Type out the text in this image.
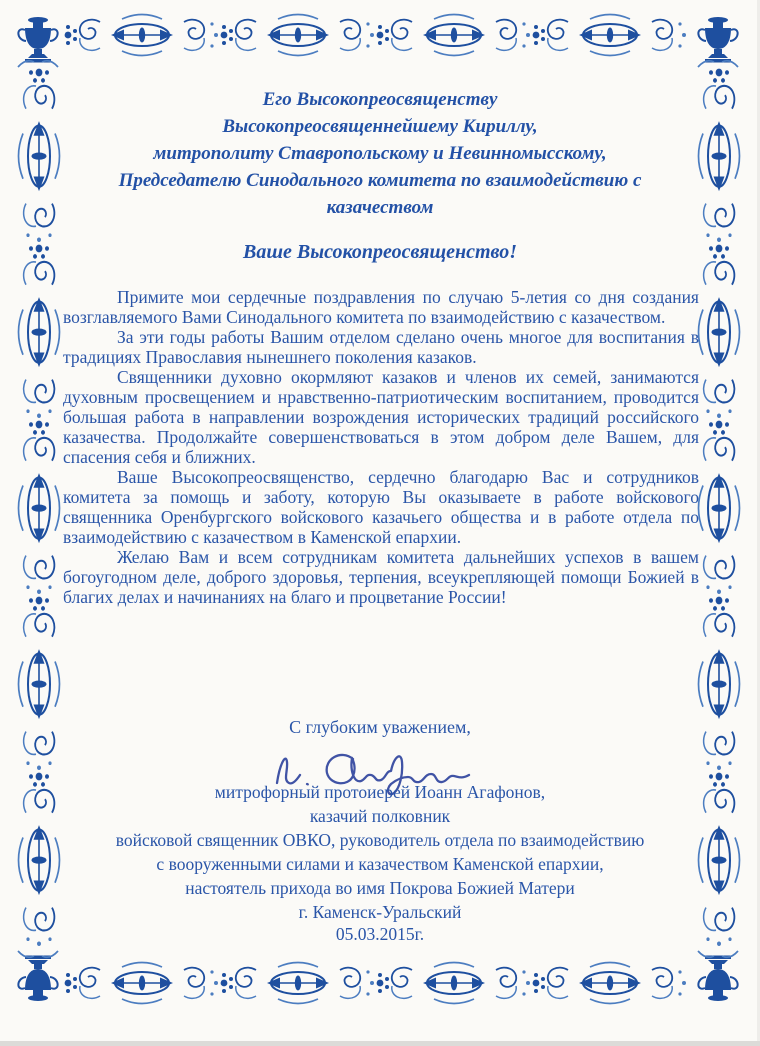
Его Высокопреосвященству
Высокопреосвященнейшему Кириллу,
митрополиту Ставропольскому и Невинномысскому,
Председателю Синодального комитета по взаимодействию с
казачеством
Ваше Высокопреосвященство!

Примите мои сердечные поздравления по случаю 5-летия со дня создания возглавляемого Вами Синодального комитета по взаимодействию с казачеством.

За эти годы работы Вашим отделом сделано очень многое для воспитания в традициях Православия нынешнего поколения казаков.

Священники духовно окормляют казаков и членов их семей, занимаются духовным просвещением и нравственно-патриотическим воспитанием, проводится большая работа в направлении возрождения исторических традиций российского казачества. Продолжайте совершенствоваться в этом добром деле Вашем, для спасения себя и ближних.

Ваше Высокопреосвященство, сердечно благодарю Вас и сотрудников комитета за помощь и заботу, которую Вы оказываете в работе войскового священника Оренбургского войскового казачьего общества и в работе отдела по взаимодействию с казачеством в Каменской епархии.

Желаю Вам и всем сотрудникам комитета дальнейших успехов в вашем богоугодном деле, доброго здоровья, терпения, всеукрепляющей помощи Божией в благих делах и начинаниях на благо и процветание России!

С глубоким уважением,
митрофорный протоиерей Иоанн Агафонов,
казачий полковник
войсковой священник ОВКО, руководитель отдела по взаимодействию
с вооруженными силами и казачеством Каменской епархии,
настоятель прихода во имя Покрова Божией Матери
г. Каменск-Уральский
05.03.2015г.
